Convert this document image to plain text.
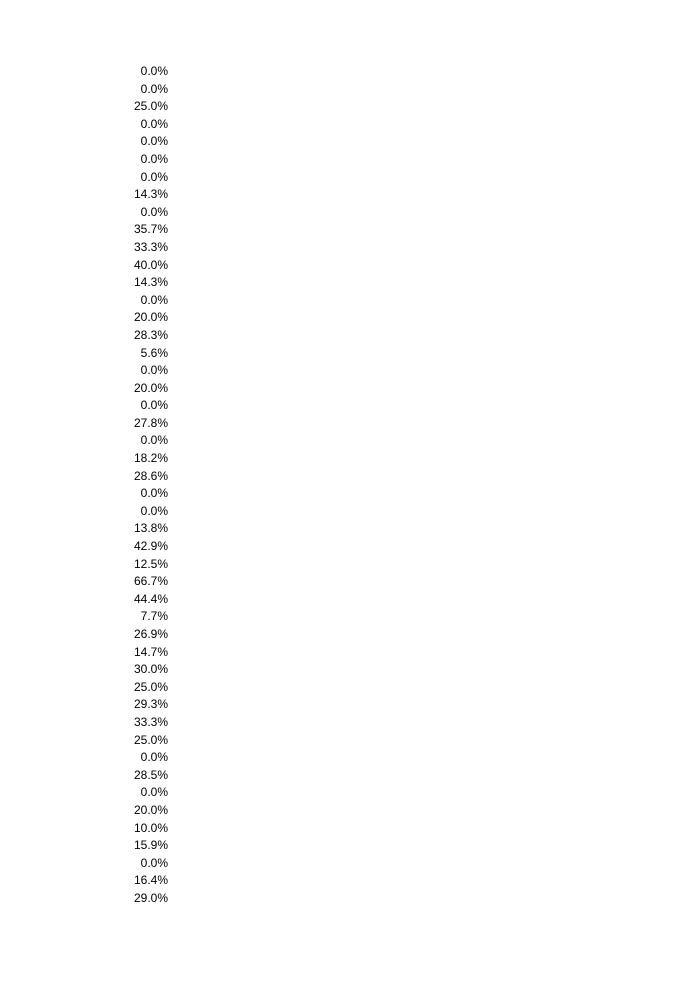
0.0%
0.0%
25.0%
0.0%
0.0%
0.0%
0.0%
14.3%
0.0%
35.7%
33.3%
40.0%
14.3%
0.0%
20.0%
28.3%
5.6%
0.0%
20.0%
0.0%
27.8%
0.0%
18.2%
28.6%
0.0%
0.0%
13.8%
42.9%
12.5%
66.7%
44.4%
7.7%
26.9%
14.7%
30.0%
25.0%
29.3%
33.3%
25.0%
0.0%
28.5%
0.0%
20.0%
10.0%
15.9%
0.0%
16.4%
29.0%
